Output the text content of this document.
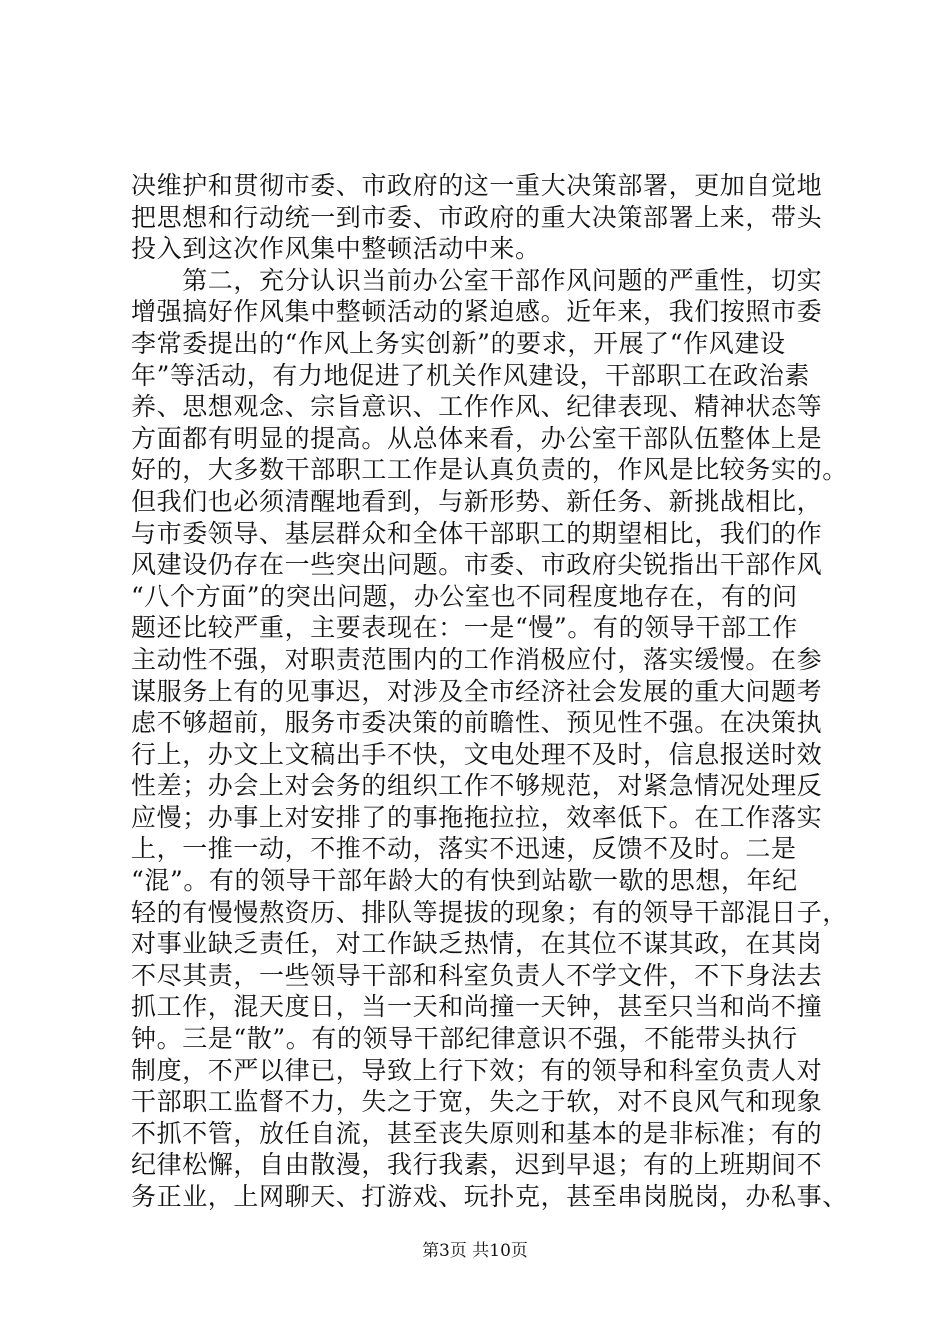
决维护和贯彻市委、市政府的这一重大决策部署，更加自觉地
把思想和行动统一到市委、市政府的重大决策部署上来，带头
投入到这次作风集中整顿活动中来。
　　第二，充分认识当前办公室干部作风问题的严重性，切实
增强搞好作风集中整顿活动的紧迫感。近年来，我们按照市委
李常委提出的“作风上务实创新”的要求，开展了“作风建设
年”等活动，有力地促进了机关作风建设，干部职工在政治素
养、思想观念、宗旨意识、工作作风、纪律表现、精神状态等
方面都有明显的提高。从总体来看，办公室干部队伍整体上是
好的，大多数干部职工工作是认真负责的，作风是比较务实的。
但我们也必须清醒地看到，与新形势、新任务、新挑战相比，
与市委领导、基层群众和全体干部职工的期望相比，我们的作
风建设仍存在一些突出问题。市委、市政府尖锐指出干部作风
“八个方面”的突出问题，办公室也不同程度地存在，有的问
题还比较严重，主要表现在：一是“慢”。有的领导干部工作
主动性不强，对职责范围内的工作消极应付，落实缓慢。在参
谋服务上有的见事迟，对涉及全市经济社会发展的重大问题考
虑不够超前，服务市委决策的前瞻性、预见性不强。在决策执
行上，办文上文稿出手不快，文电处理不及时，信息报送时效
性差；办会上对会务的组织工作不够规范，对紧急情况处理反
应慢；办事上对安排了的事拖拖拉拉，效率低下。在工作落实
上，一推一动，不推不动，落实不迅速，反馈不及时。二是
“混”。有的领导干部年龄大的有快到站歇一歇的思想，年纪
轻的有慢慢熬资历、排队等提拔的现象；有的领导干部混日子，
对事业缺乏责任，对工作缺乏热情，在其位不谋其政，在其岗
不尽其责，一些领导干部和科室负责人不学文件，不下身法去
抓工作，混天度日，当一天和尚撞一天钟，甚至只当和尚不撞
钟。三是“散”。有的领导干部纪律意识不强，不能带头执行
制度，不严以律已，导致上行下效；有的领导和科室负责人对
干部职工监督不力，失之于宽，失之于软，对不良风气和现象
不抓不管，放任自流，甚至丧失原则和基本的是非标准；有的
纪律松懈，自由散漫，我行我素，迟到早退；有的上班期间不
务正业，上网聊天、打游戏、玩扑克，甚至串岗脱岗，办私事、
第3页 共10页
